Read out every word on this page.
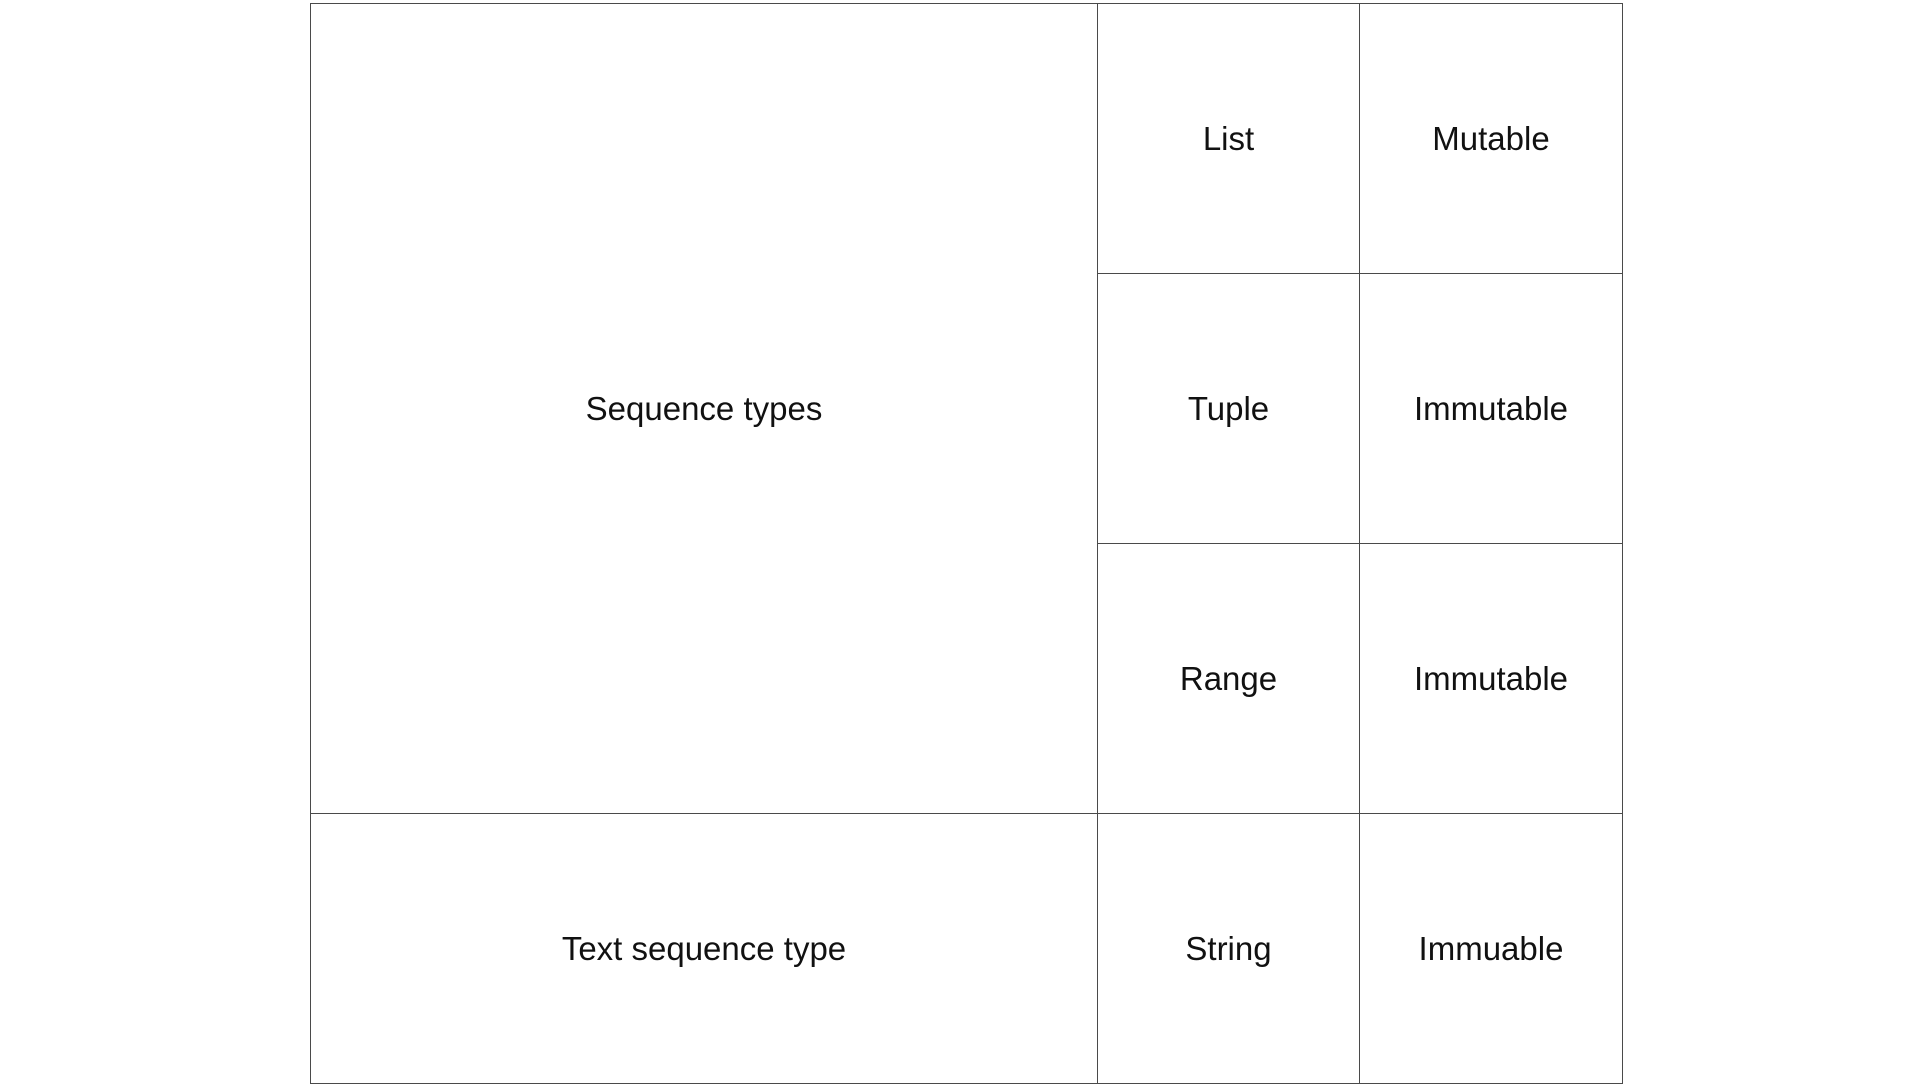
Sequence types	List	Mutable
	Tuple	Immutable
	Range	Immutable
Text sequence type	String	Immuable
